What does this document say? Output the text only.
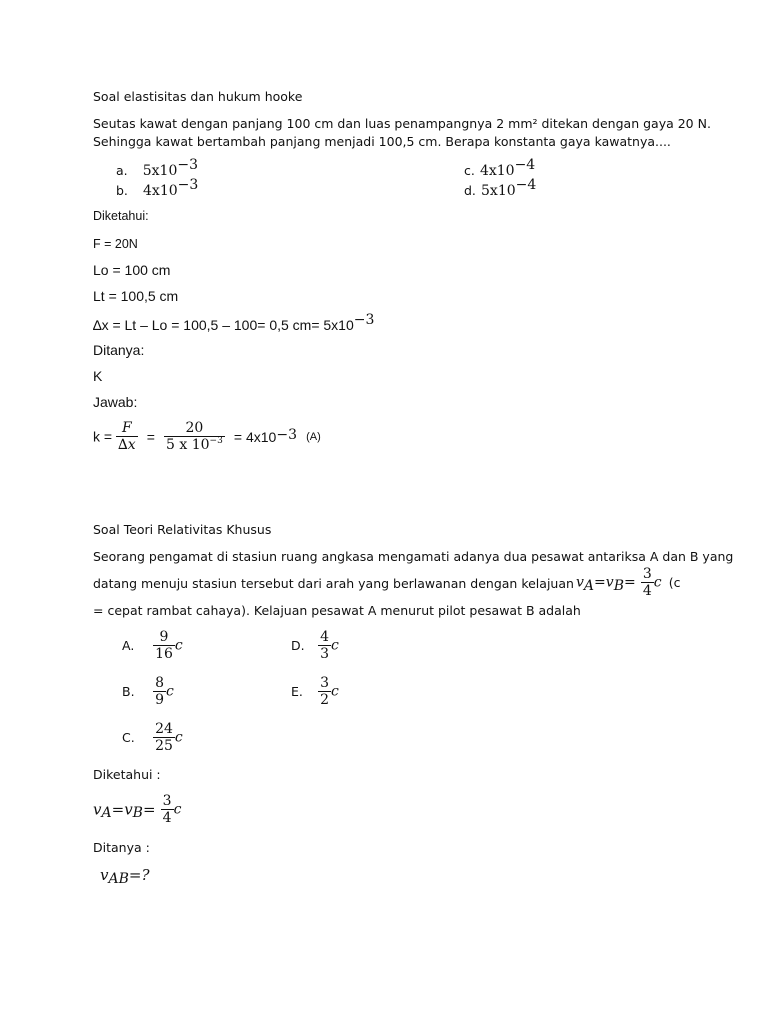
Soal elastisitas dan hukum hooke
Seutas kawat dengan panjang 100 cm dan luas penampangnya 2 mm² ditekan dengan gaya 20 N.
Sehingga kawat bertambah panjang menjadi 100,5 cm. Berapa konstanta gaya kawatnya....
a. $5x10^{-3}$
b. $4x10^{-3}$
c. $4x10^{-4}$
d. $5x10^{-4}$
Diketahui:
F = 20N
Lo = 100 cm
Lt = 100,5 cm
∆x = Lt – Lo = 100,5 – 100= 0,5 $cm= 5x10^{-3}$
Ditanya:
K
Jawab:
$k = \frac{F}{\Delta x} = \frac{20}{5 x 10^{-3}} = 4x10^{-3}$ (A)
Soal Teori Relativitas Khusus
Seorang pengamat di stasiun ruang angkasa mengamati adanya dua pesawat antariksa A dan B yang
datang menuju stasiun tersebut dari arah yang berlawanan dengan kelajuan $v_A=v_B= \frac{3}{4}$ c (c
= cepat rambat cahaya). Kelajuan pesawat A menurut pilot pesawat B adalah
A. $\frac{9}{16}$ c
B. $\frac{8}{9}$ c
C. $\frac{24}{25}$ c
D. $\frac{4}{3}$ c
E. $\frac{3}{2}$ c
Diketahui :
$v_A=v_B= \frac{3}{4}$ c
Ditanya :
$v_{AB}=$?
